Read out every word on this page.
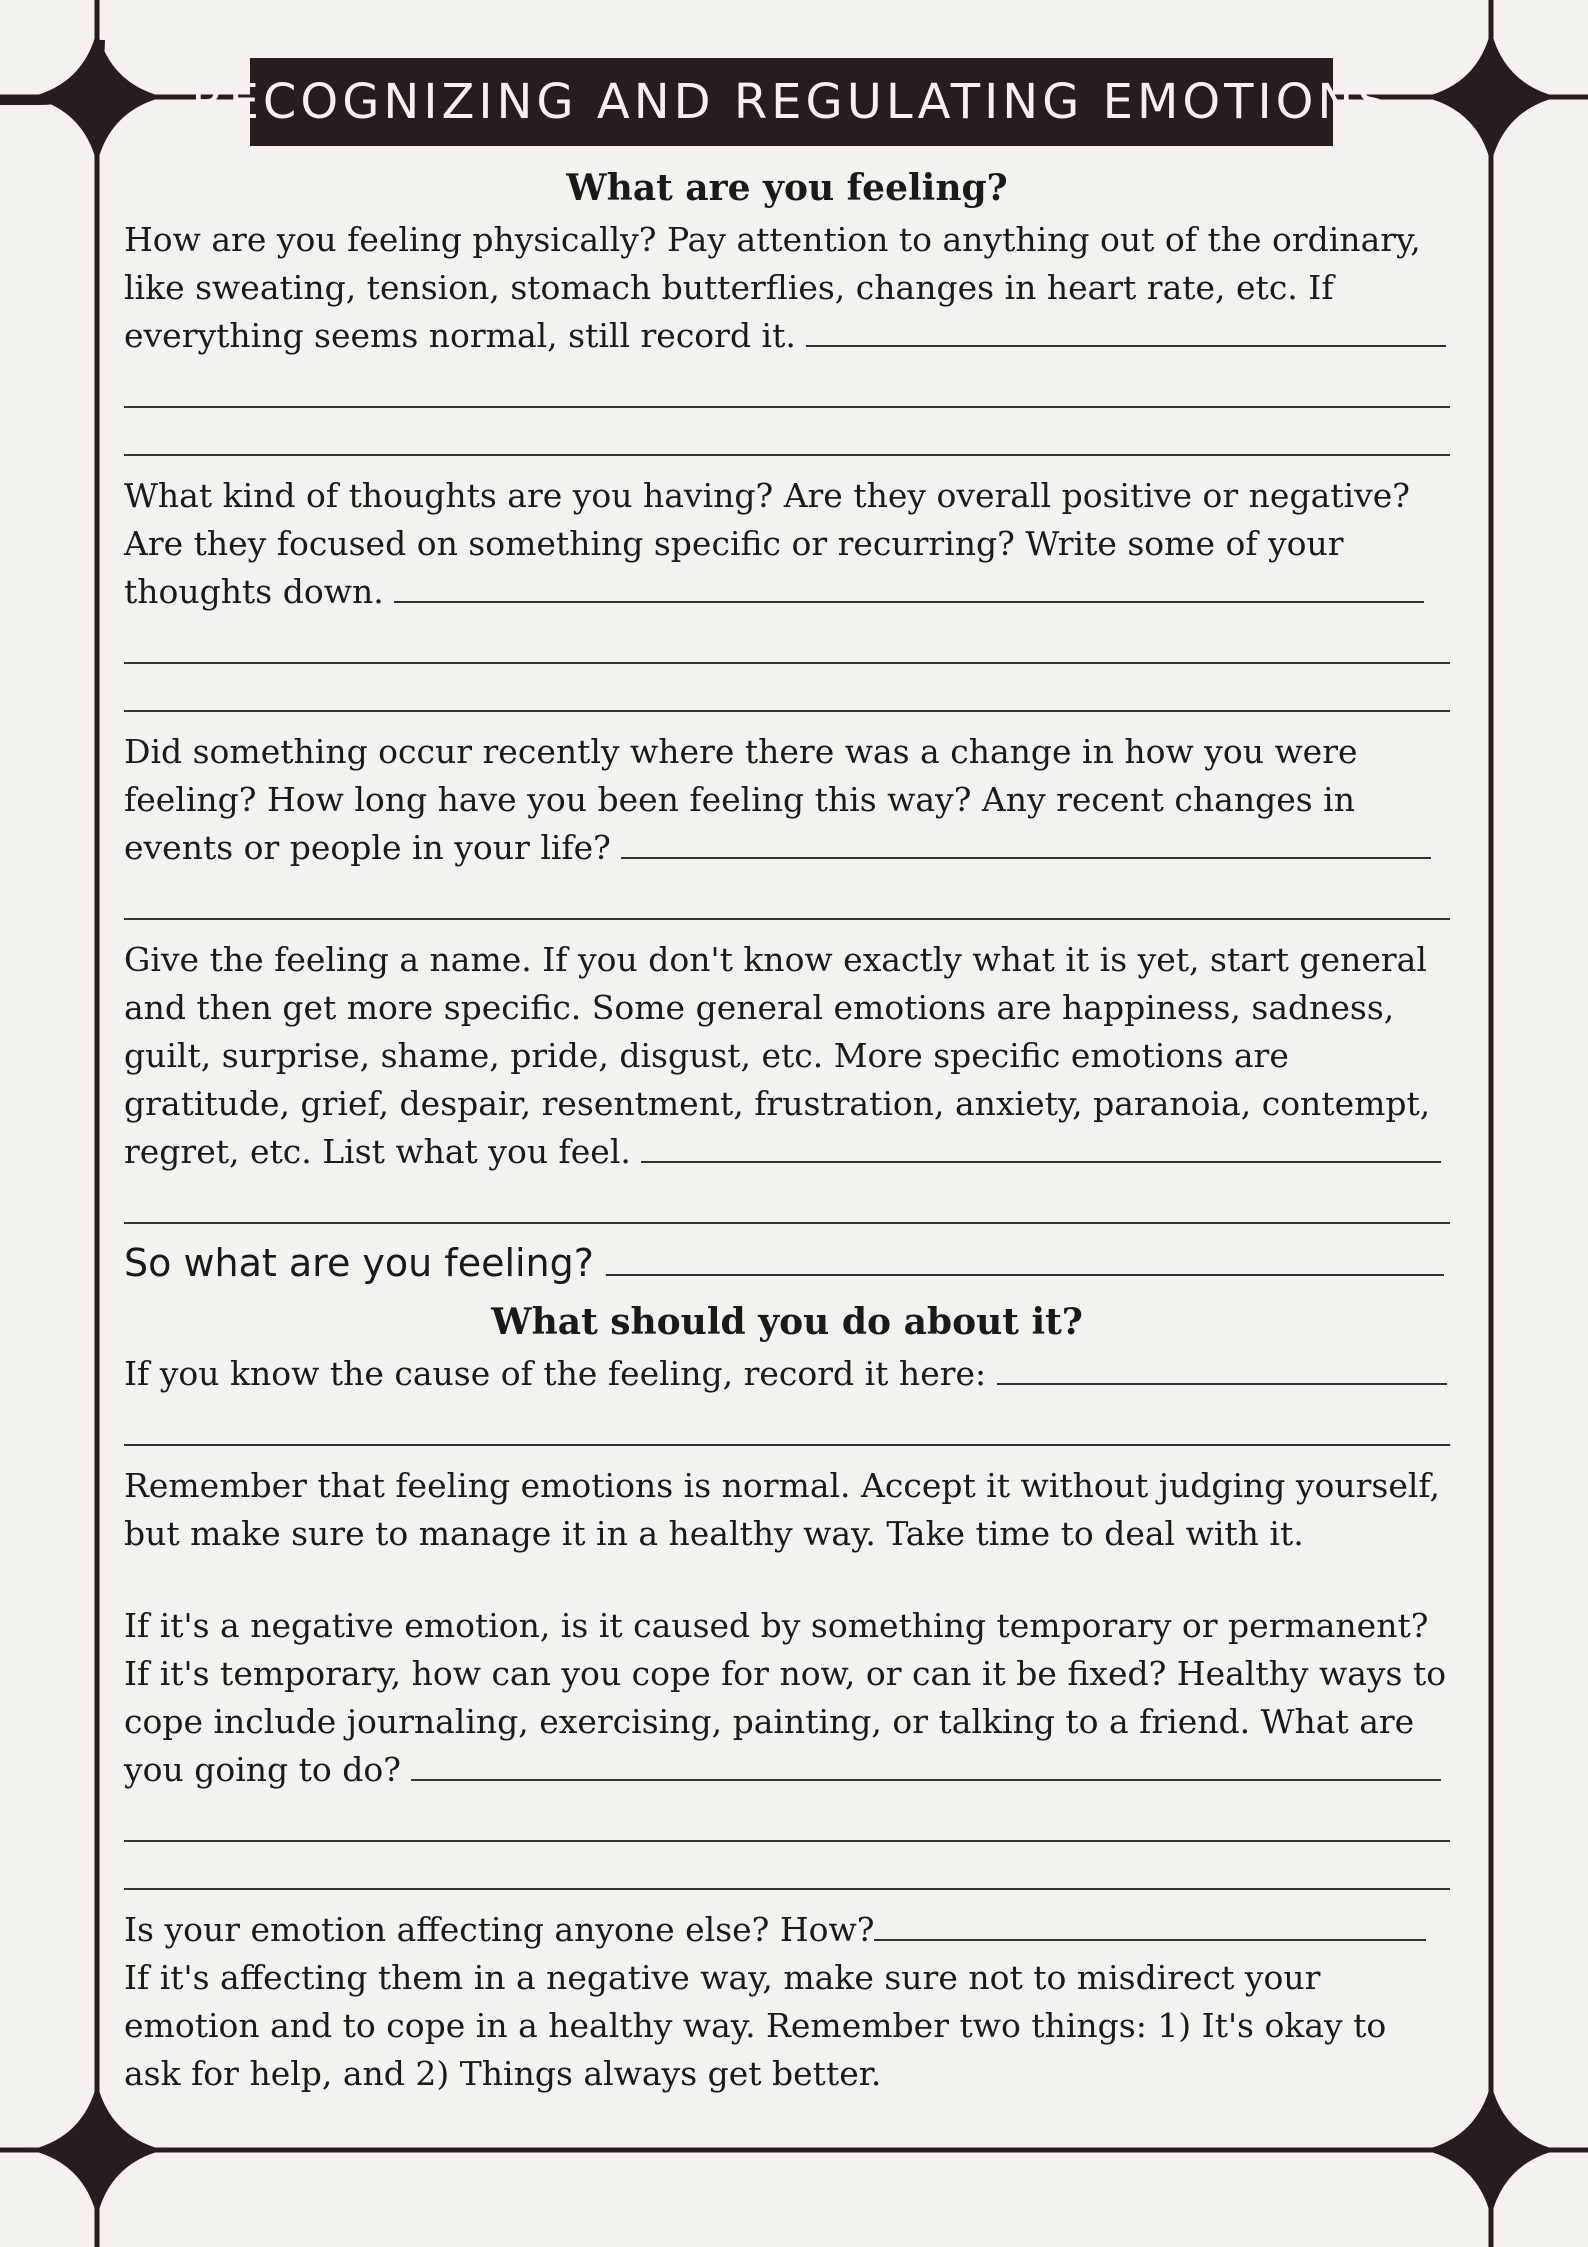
RECOGNIZING AND REGULATING EMOTIONS

What are you feeling?

How are you feeling physically? Pay attention to anything out of the ordinary, like sweating, tension, stomach butterflies, changes in heart rate, etc. If everything seems normal, still record it.

What kind of thoughts are you having? Are they overall positive or negative? Are they focused on something specific or recurring? Write some of your thoughts down.

Did something occur recently where there was a change in how you were feeling? How long have you been feeling this way? Any recent changes in events or people in your life?

Give the feeling a name. If you don't know exactly what it is yet, start general and then get more specific. Some general emotions are happiness, sadness, guilt, surprise, shame, pride, disgust, etc. More specific emotions are gratitude, grief, despair, resentment, frustration, anxiety, paranoia, contempt, regret, etc. List what you feel.

So what are you feeling?

What should you do about it?

If you know the cause of the feeling, record it here:

Remember that feeling emotions is normal. Accept it without judging yourself, but make sure to manage it in a healthy way. Take time to deal with it.

If it's a negative emotion, is it caused by something temporary or permanent? If it's temporary, how can you cope for now, or can it be fixed? Healthy ways to cope include journaling, exercising, painting, or talking to a friend. What are you going to do?

Is your emotion affecting anyone else? How?

If it's affecting them in a negative way, make sure not to misdirect your emotion and to cope in a healthy way. Remember two things: 1) It's okay to ask for help, and 2) Things always get better.
